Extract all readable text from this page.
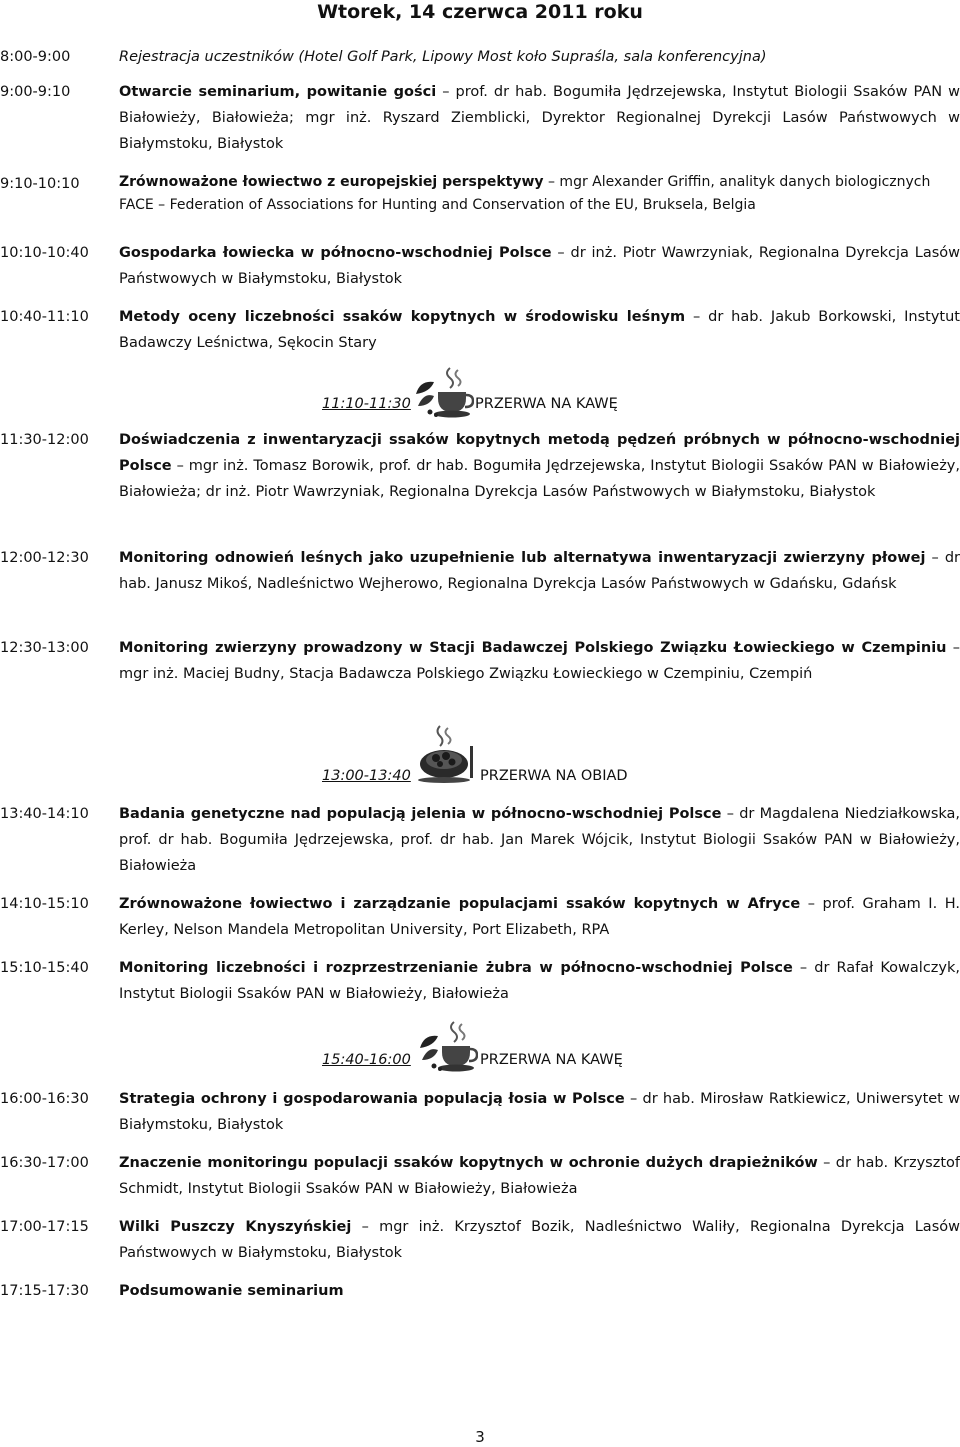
Wtorek, 14 czerwca 2011 roku
8:00-9:00	Rejestracja uczestników (Hotel Golf Park, Lipowy Most koło Supraśla, sala konferencyjna)
9:00-9:10	Otwarcie seminarium, powitanie gości – prof. dr hab. Bogumiła Jędrzejewska, Instytut Biologii Ssaków PAN w Białowieży, Białowieża; mgr inż. Ryszard Ziemblicki, Dyrektor Regionalnej Dyrekcji Lasów Państwowych w Białymstoku, Białystok
9:10-10:10	Zrównoważone łowiectwo z europejskiej perspektywy – mgr Alexander Griffin, analityk danych biologicznych FACE – Federation of Associations for Hunting and Conservation of the EU, Bruksela, Belgia
10:10-10:40	Gospodarka łowiecka w północno-wschodniej Polsce – dr inż. Piotr Wawrzyniak, Regionalna Dyrekcja Lasów Państwowych w Białymstoku, Białystok
10:40-11:10	Metody oceny liczebności ssaków kopytnych w środowisku leśnym – dr hab. Jakub Borkowski, Instytut Badawczy Leśnictwa, Sękocin Stary
11:10-11:30	PRZERWA NA KAWĘ
11:30-12:00	Doświadczenia z inwentaryzacji ssaków kopytnych metodą pędzeń próbnych w północno-wschodniej Polsce – mgr inż. Tomasz Borowik, prof. dr hab. Bogumiła Jędrzejewska, Instytut Biologii Ssaków PAN w Białowieży, Białowieża; dr inż. Piotr Wawrzyniak, Regionalna Dyrekcja Lasów Państwowych w Białymstoku, Białystok
12:00-12:30	Monitoring odnowień leśnych jako uzupełnienie lub alternatywa inwentaryzacji zwierzyny płowej – dr hab. Janusz Mikoś, Nadleśnictwo Wejherowo, Regionalna Dyrekcja Lasów Państwowych w Gdańsku, Gdańsk
12:30-13:00	Monitoring zwierzyny prowadzony w Stacji Badawczej Polskiego Związku Łowieckiego w Czempiniu – mgr inż. Maciej Budny, Stacja Badawcza Polskiego Związku Łowieckiego w Czempiniu, Czempiń
13:00-13:40	PRZERWA NA OBIAD
13:40-14:10	Badania genetyczne nad populacją jelenia w północno-wschodniej Polsce – dr Magdalena Niedziałkowska, prof. dr hab. Bogumiła Jędrzejewska, prof. dr hab. Jan Marek Wójcik, Instytut Biologii Ssaków PAN w Białowieży, Białowieża
14:10-15:10	Zrównoważone łowiectwo i zarządzanie populacjami ssaków kopytnych w Afryce – prof. Graham I. H. Kerley, Nelson Mandela Metropolitan University, Port Elizabeth, RPA
15:10-15:40	Monitoring liczebności i rozprzestrzenianie żubra w północno-wschodniej Polsce – dr Rafał Kowalczyk, Instytut Biologii Ssaków PAN w Białowieży, Białowieża
15:40-16:00	PRZERWA NA KAWĘ
16:00-16:30	Strategia ochrony i gospodarowania populacją łosia w Polsce – dr hab. Mirosław Ratkiewicz, Uniwersytet w Białymstoku, Białystok
16:30-17:00	Znaczenie monitoringu populacji ssaków kopytnych w ochronie dużych drapieżników – dr hab. Krzysztof Schmidt, Instytut Biologii Ssaków PAN w Białowieży, Białowieża
17:00-17:15	Wilki Puszczy Knyszyńskiej – mgr inż. Krzysztof Bozik, Nadleśnictwo Waliły, Regionalna Dyrekcja Lasów Państwowych w Białymstoku, Białystok
17:15-17:30	Podsumowanie seminarium
3
